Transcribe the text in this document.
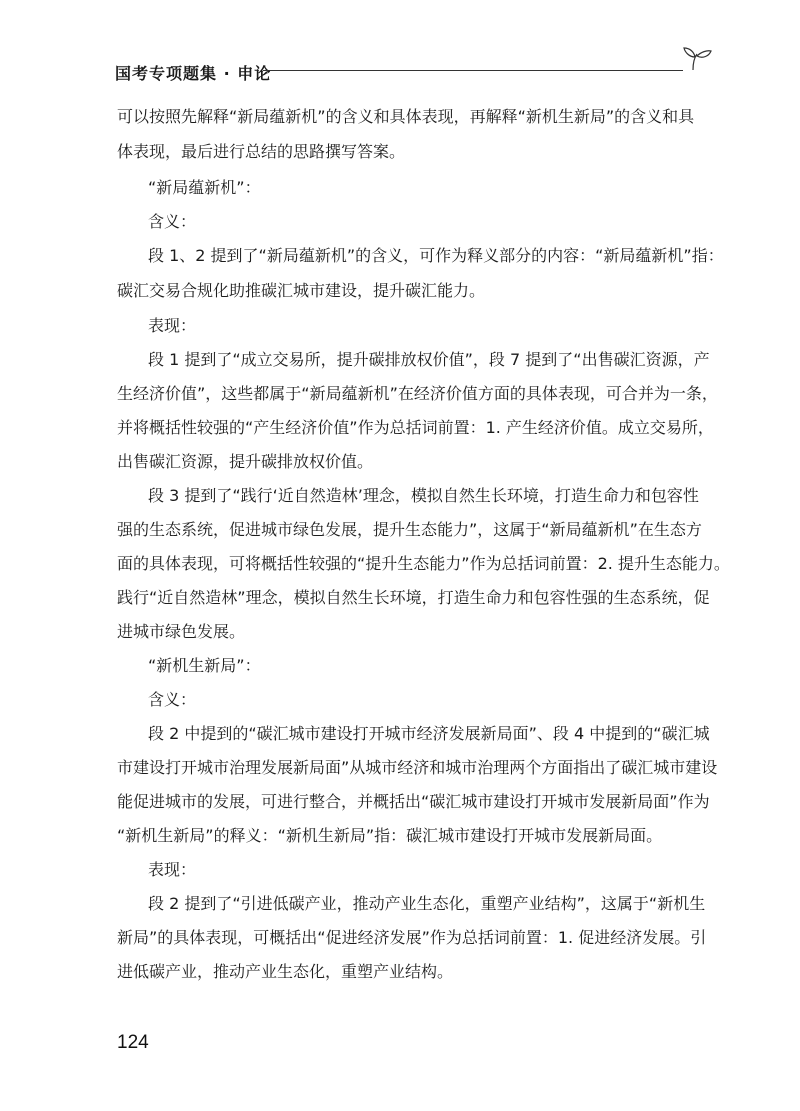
国考专项题集 · 申论
可以按照先解释“新局蕴新机”的含义和具体表现，再解释“新机生新局”的含义和具
体表现，最后进行总结的思路撰写答案。
“新局蕴新机”：
含义：
段 1、2 提到了“新局蕴新机”的含义，可作为释义部分的内容：“新局蕴新机”指：
碳汇交易合规化助推碳汇城市建设，提升碳汇能力。
表现：
段 1 提到了“成立交易所，提升碳排放权价值”，段 7 提到了“出售碳汇资源，产
生经济价值”，这些都属于“新局蕴新机”在经济价值方面的具体表现，可合并为一条，
并将概括性较强的“产生经济价值”作为总括词前置：1. 产生经济价值。成立交易所，
出售碳汇资源，提升碳排放权价值。
段 3 提到了“践行‘近自然造林’理念，模拟自然生长环境，打造生命力和包容性
强的生态系统，促进城市绿色发展，提升生态能力”，这属于“新局蕴新机”在生态方
面的具体表现，可将概括性较强的“提升生态能力”作为总括词前置：2. 提升生态能力。
践行“近自然造林”理念，模拟自然生长环境，打造生命力和包容性强的生态系统，促
进城市绿色发展。
“新机生新局”：
含义：
段 2 中提到的“碳汇城市建设打开城市经济发展新局面”、段 4 中提到的“碳汇城
市建设打开城市治理发展新局面”从城市经济和城市治理两个方面指出了碳汇城市建设
能促进城市的发展，可进行整合，并概括出“碳汇城市建设打开城市发展新局面”作为
“新机生新局”的释义：“新机生新局”指：碳汇城市建设打开城市发展新局面。
表现：
段 2 提到了“引进低碳产业，推动产业生态化，重塑产业结构”，这属于“新机生
新局”的具体表现，可概括出“促进经济发展”作为总括词前置：1. 促进经济发展。引
进低碳产业，推动产业生态化，重塑产业结构。
124
